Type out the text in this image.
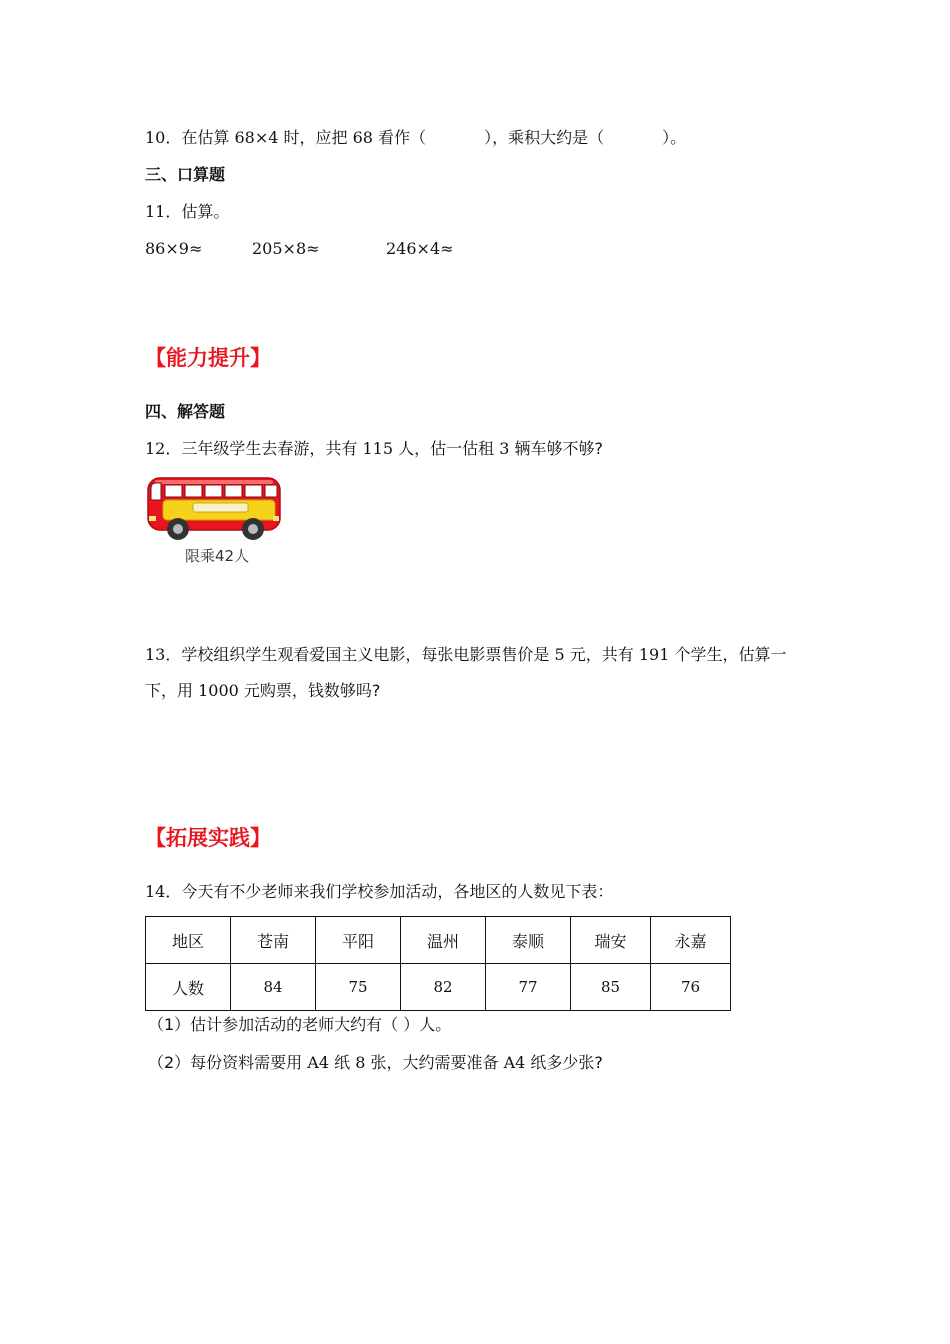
10．在估算 68×4 时，应把 68 看作（	），乘积大约是（	）。
三、口算题
11．估算。
86×9≈	205×8≈	246×4≈
【能力提升】
四、解答题
12．三年级学生去春游，共有 115 人，估一估租 3 辆车够不够?
限乘42人
13．学校组织学生观看爱国主义电影，每张电影票售价是 5 元，共有 191 个学生，估算一
下，用 1000 元购票，钱数够吗?
【拓展实践】
14．今天有不少老师来我们学校参加活动，各地区的人数见下表：
地区	苍南	平阳	温州	泰顺	瑞安	永嘉
人数	84	75	82	77	85	76
（1）估计参加活动的老师大约有（ ）人。
（2）每份资料需要用 A4 纸 8 张，大约需要准备 A4 纸多少张?
